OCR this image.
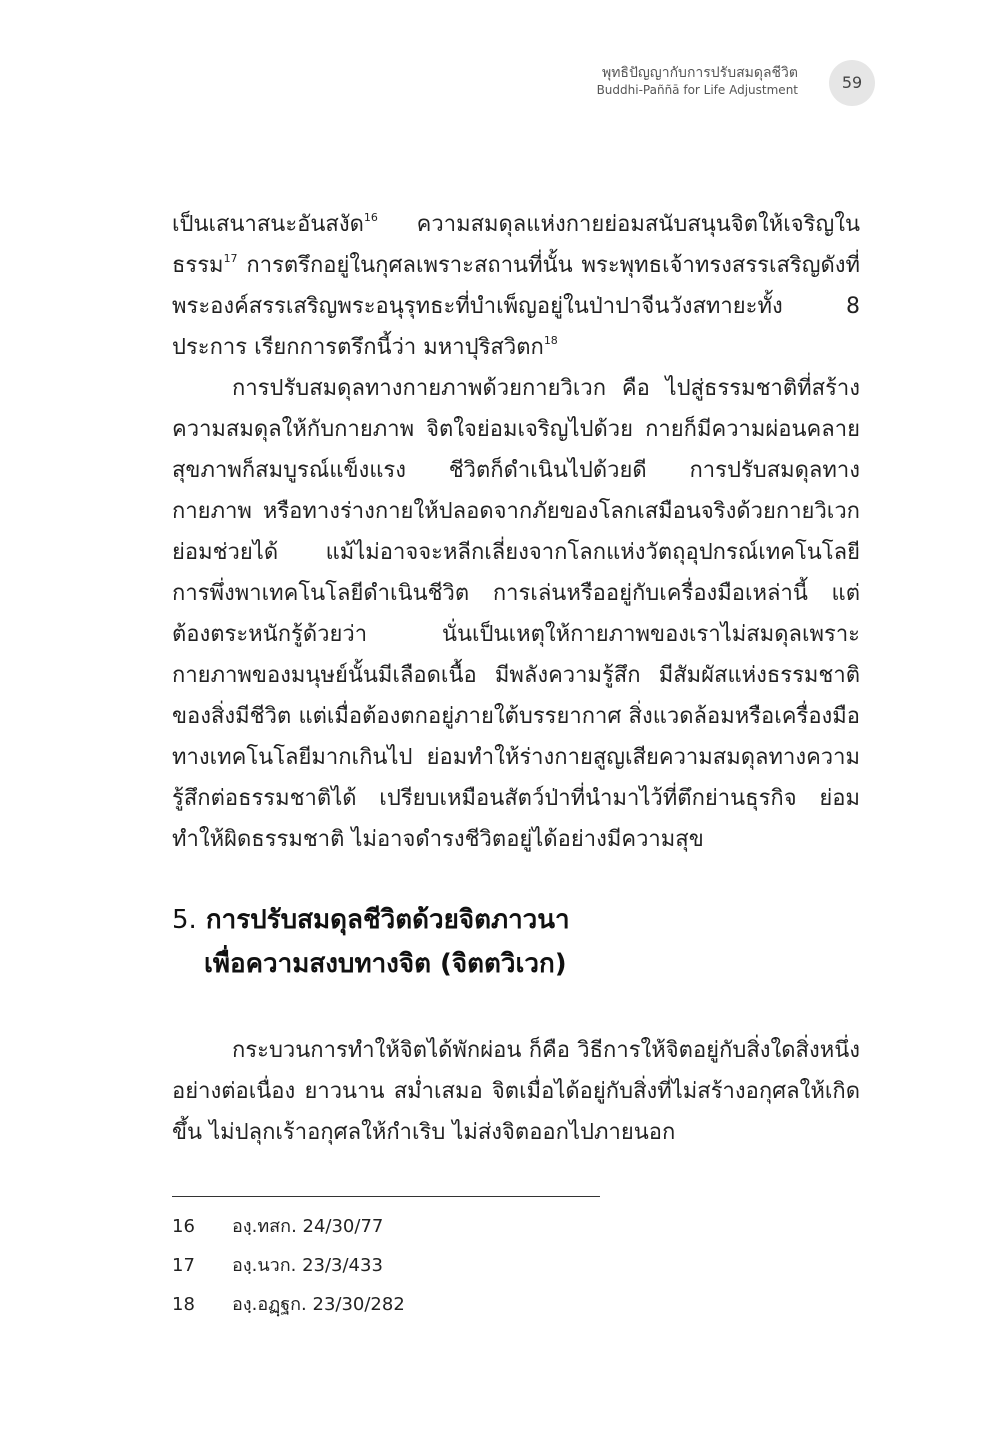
พุทธิปัญญากับการปรับสมดุลชีวิต
Buddhi-Paññā for Life Adjustment	59

เป็นเสนาสนะอันสงัด$^{16}$ ความสมดุลแห่งกายย่อมสนับสนุนจิตให้เจริญในธรรม$^{17}$ การตรึกอยู่ในกุศลเพราะสถานที่นั้น พระพุทธเจ้าทรงสรรเสริญดังที่พระองค์สรรเสริญพระอนุรุทธะที่บำเพ็ญอยู่ในป่าปาจีนวังสทายะทั้ง 8 ประการ เรียกการตรึกนี้ว่า มหาปุริสวิตก$^{18}$

การปรับสมดุลทางกายภาพด้วยกายวิเวก คือ ไปสู่ธรรมชาติที่สร้างความสมดุลให้กับกายภาพ จิตใจย่อมเจริญไปด้วย กายก็มีความผ่อนคลาย สุขภาพก็สมบูรณ์แข็งแรง ชีวิตก็ดำเนินไปด้วยดี การปรับสมดุลทางกายภาพ หรือทางร่างกายให้ปลอดจากภัยของโลกเสมือนจริงด้วยกายวิเวกย่อมช่วยได้ แม้ไม่อาจจะหลีกเลี่ยงจากโลกแห่งวัตถุอุปกรณ์เทคโนโลยี การพึ่งพาเทคโนโลยีดำเนินชีวิต การเล่นหรืออยู่กับเครื่องมือเหล่านี้ แต่ต้องตระหนักรู้ด้วยว่า นั่นเป็นเหตุให้กายภาพของเราไม่สมดุลเพราะกายภาพของมนุษย์นั้นมีเลือดเนื้อ มีพลังความรู้สึก มีสัมผัสแห่งธรรมชาติของสิ่งมีชีวิต แต่เมื่อต้องตกอยู่ภายใต้บรรยากาศ สิ่งแวดล้อมหรือเครื่องมือทางเทคโนโลยีมากเกินไป ย่อมทำให้ร่างกายสูญเสียความสมดุลทางความรู้สึกต่อธรรมชาติได้ เปรียบเหมือนสัตว์ป่าที่นำมาไว้ที่ตึกย่านธุรกิจ ย่อมทำให้ผิดธรรมชาติ ไม่อาจดำรงชีวิตอยู่ได้อย่างมีความสุข

5. การปรับสมดุลชีวิตด้วยจิตภาวนา
เพื่อความสงบทางจิต (จิตตวิเวก)

กระบวนการทำให้จิตได้พักผ่อน ก็คือ วิธีการให้จิตอยู่กับสิ่งใดสิ่งหนึ่งอย่างต่อเนื่อง ยาวนาน สม่ำเสมอ จิตเมื่อได้อยู่กับสิ่งที่ไม่สร้างอกุศลให้เกิดขึ้น ไม่ปลุกเร้าอกุศลให้กำเริบ ไม่ส่งจิตออกไปภายนอก

16 องฺ.ทสก. 24/30/77
17 องฺ.นวก. 23/3/433
18 องฺ.อฏฺฐก. 23/30/282
